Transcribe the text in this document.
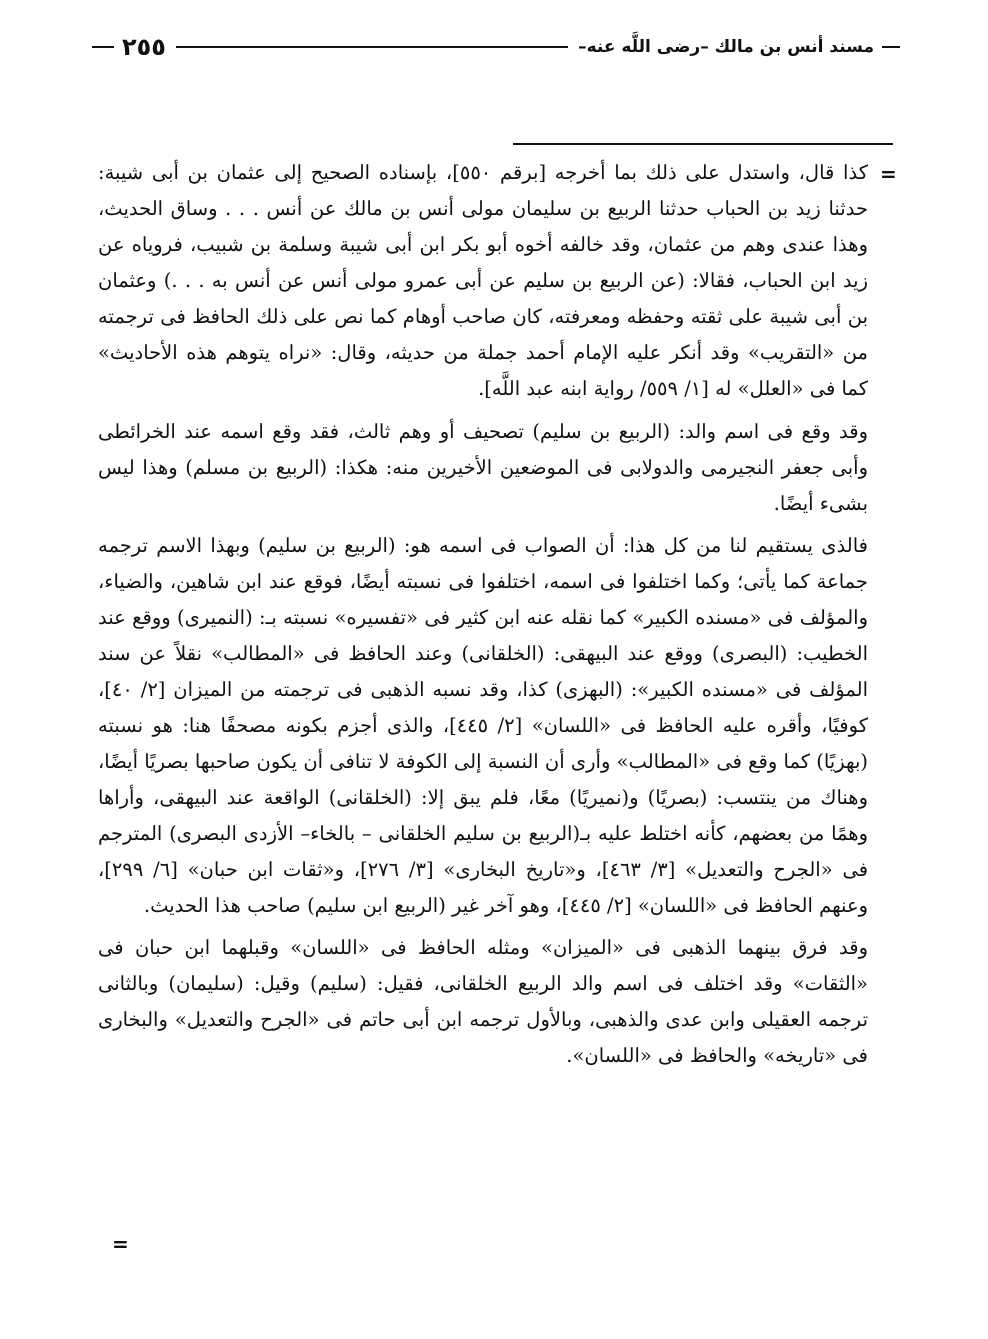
مسند أنس بن مالك –رضى اللَّه عنه–
٢٥٥
=

كذا قال، واستدل على ذلك بما أخرجه [برقم ٥٥٠]، بإسناده الصحيح إلى عثمان بن أبى شيبة: حدثنا زيد بن الحباب حدثنا الربيع بن سليمان مولى أنس بن مالك عن أنس . . . وساق الحديث، وهذا عندى وهم من عثمان، وقد خالفه أخوه أبو بكر ابن أبى شيبة وسلمة بن شبيب، فروياه عن زيد ابن الحباب، فقالا: (عن الربيع بن سليم عن أبى عمرو مولى أنس عن أنس به . . .) وعثمان بن أبى شيبة على ثقته وحفظه ومعرفته، كان صاحب أوهام كما نص على ذلك الحافظ فى ترجمته من «التقريب» وقد أنكر عليه الإمام أحمد جملة من حديثه، وقال: «نراه يتوهم هذه الأحاديث» كما فى «العلل» له [١/ ٥٥٩/ رواية ابنه عبد اللَّه].

وقد وقع فى اسم والد: (الربيع بن سليم) تصحيف أو وهم ثالث، فقد وقع اسمه عند الخرائطى وأبى جعفر النجيرمى والدولابى فى الموضعين الأخيرين منه: هكذا: (الربيع بن مسلم) وهذا ليس بشىء أيضًا.

فالذى يستقيم لنا من كل هذا: أن الصواب فى اسمه هو: (الربيع بن سليم) وبهذا الاسم ترجمه جماعة كما يأتى؛ وكما اختلفوا فى اسمه، اختلفوا فى نسبته أيضًا، فوقع عند ابن شاهين، والضياء، والمؤلف فى «مسنده الكبير» كما نقله عنه ابن كثير فى «تفسيره» نسبته بـ: (النميرى) ووقع عند الخطيب: (البصرى) ووقع عند البيهقى: (الخلقانى) وعند الحافظ فى «المطالب» نقلاً عن سند المؤلف فى «مسنده الكبير»: (البهزى) كذا، وقد نسبه الذهبى فى ترجمته من الميزان [٢/ ٤٠]، كوفيًا، وأقره عليه الحافظ فى «اللسان» [٢/ ٤٤٥]، والذى أجزم بكونه مصحفًا هنا: هو نسبته (بهزيًا) كما وقع فى «المطالب» وأرى أن النسبة إلى الكوفة لا تنافى أن يكون صاحبها بصريًا أيضًا، وهناك من ينتسب: (بصريًا) و(نميريًا) معًا، فلم يبق إلا: (الخلقانى) الواقعة عند البيهقى، وأراها وهمًا من بعضهم، كأنه اختلط عليه بـ(الربيع بن سليم الخلقانى – بالخاء– الأزدى البصرى) المترجم فى «الجرح والتعديل» [٣/ ٤٦٣]، و«تاريخ البخارى» [٣/ ٢٧٦]، و«ثقات ابن حبان» [٦/ ٢٩٩]، وعنهم الحافظ فى «اللسان» [٢/ ٤٤٥]، وهو آخر غير (الربيع ابن سليم) صاحب هذا الحديث.

وقد فرق بينهما الذهبى فى «الميزان» ومثله الحافظ فى «اللسان» وقبلهما ابن حبان فى «الثقات» وقد اختلف فى اسم والد الربيع الخلقانى، فقيل: (سليم) وقيل: (سليمان) وبالثانى ترجمه العقيلى وابن عدى والذهبى، وبالأول ترجمه ابن أبى حاتم فى «الجرح والتعديل» والبخارى فى «تاريخه» والحافظ فى «اللسان».

=
